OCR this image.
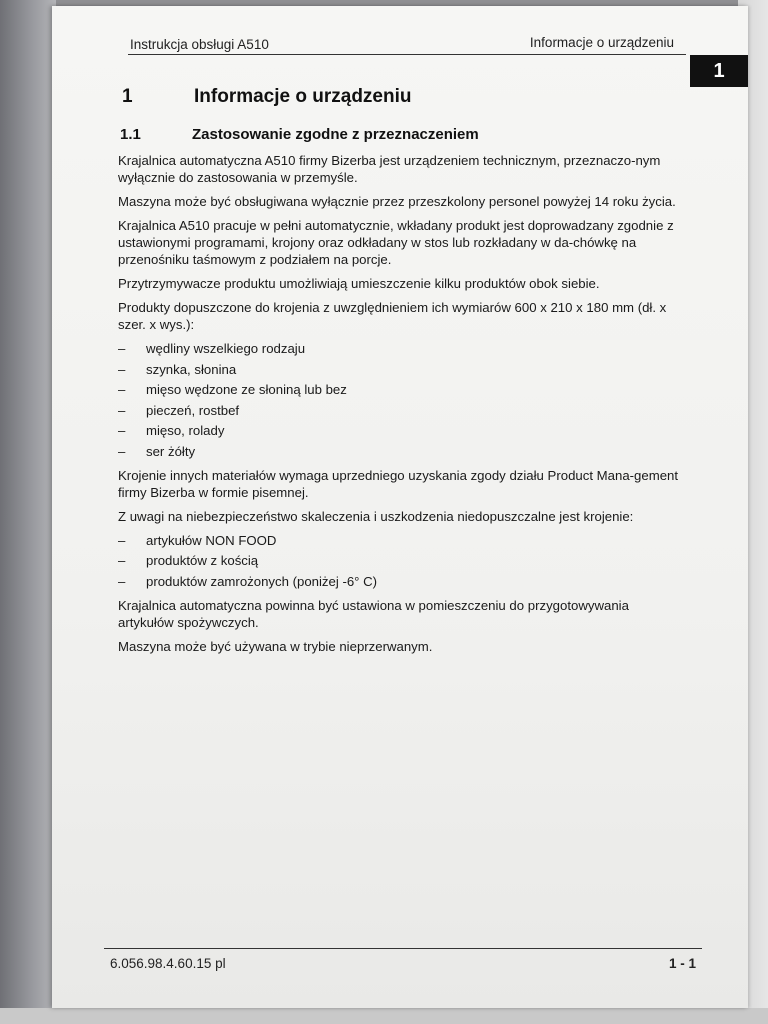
Instrukcja obsługi A510	Informacje o urządzeniu
1
1	Informacje o urządzeniu
1.1	Zastosowanie zgodne z przeznaczeniem

Krajalnica automatyczna A510 firmy Bizerba jest urządzeniem technicznym, przeznaczo-nym wyłącznie do zastosowania w przemyśle.

Maszyna może być obsługiwana wyłącznie przez przeszkolony personel powyżej 14 roku życia.

Krajalnica A510 pracuje w pełni automatycznie, wkładany produkt jest doprowadzany zgodnie z ustawionymi programami, krojony oraz odkładany w stos lub rozkładany w da-chówkę na przenośniku taśmowym z podziałem na porcje.

Przytrzymywacze produktu umożliwiają umieszczenie kilku produktów obok siebie.

Produkty dopuszczone do krojenia z uwzględnieniem ich wymiarów 600 x 210 x 180 mm (dł. x szer. x wys.):

–	wędliny wszelkiego rodzaju
–	szynka, słonina
–	mięso wędzone ze słoniną lub bez
–	pieczeń, rostbef
–	mięso, rolady
–	ser żółty

Krojenie innych materiałów wymaga uprzedniego uzyskania zgody działu Product Mana-gement firmy Bizerba w formie pisemnej.

Z uwagi na niebezpieczeństwo skaleczenia i uszkodzenia niedopuszczalne jest krojenie:

–	artykułów NON FOOD
–	produktów z kością
–	produktów zamrożonych (poniżej -6° C)

Krajalnica automatyczna powinna być ustawiona w pomieszczeniu do przygotowywania artykułów spożywczych.

Maszyna może być używana w trybie nieprzerwanym.

6.056.98.4.60.15 pl	1 - 1
